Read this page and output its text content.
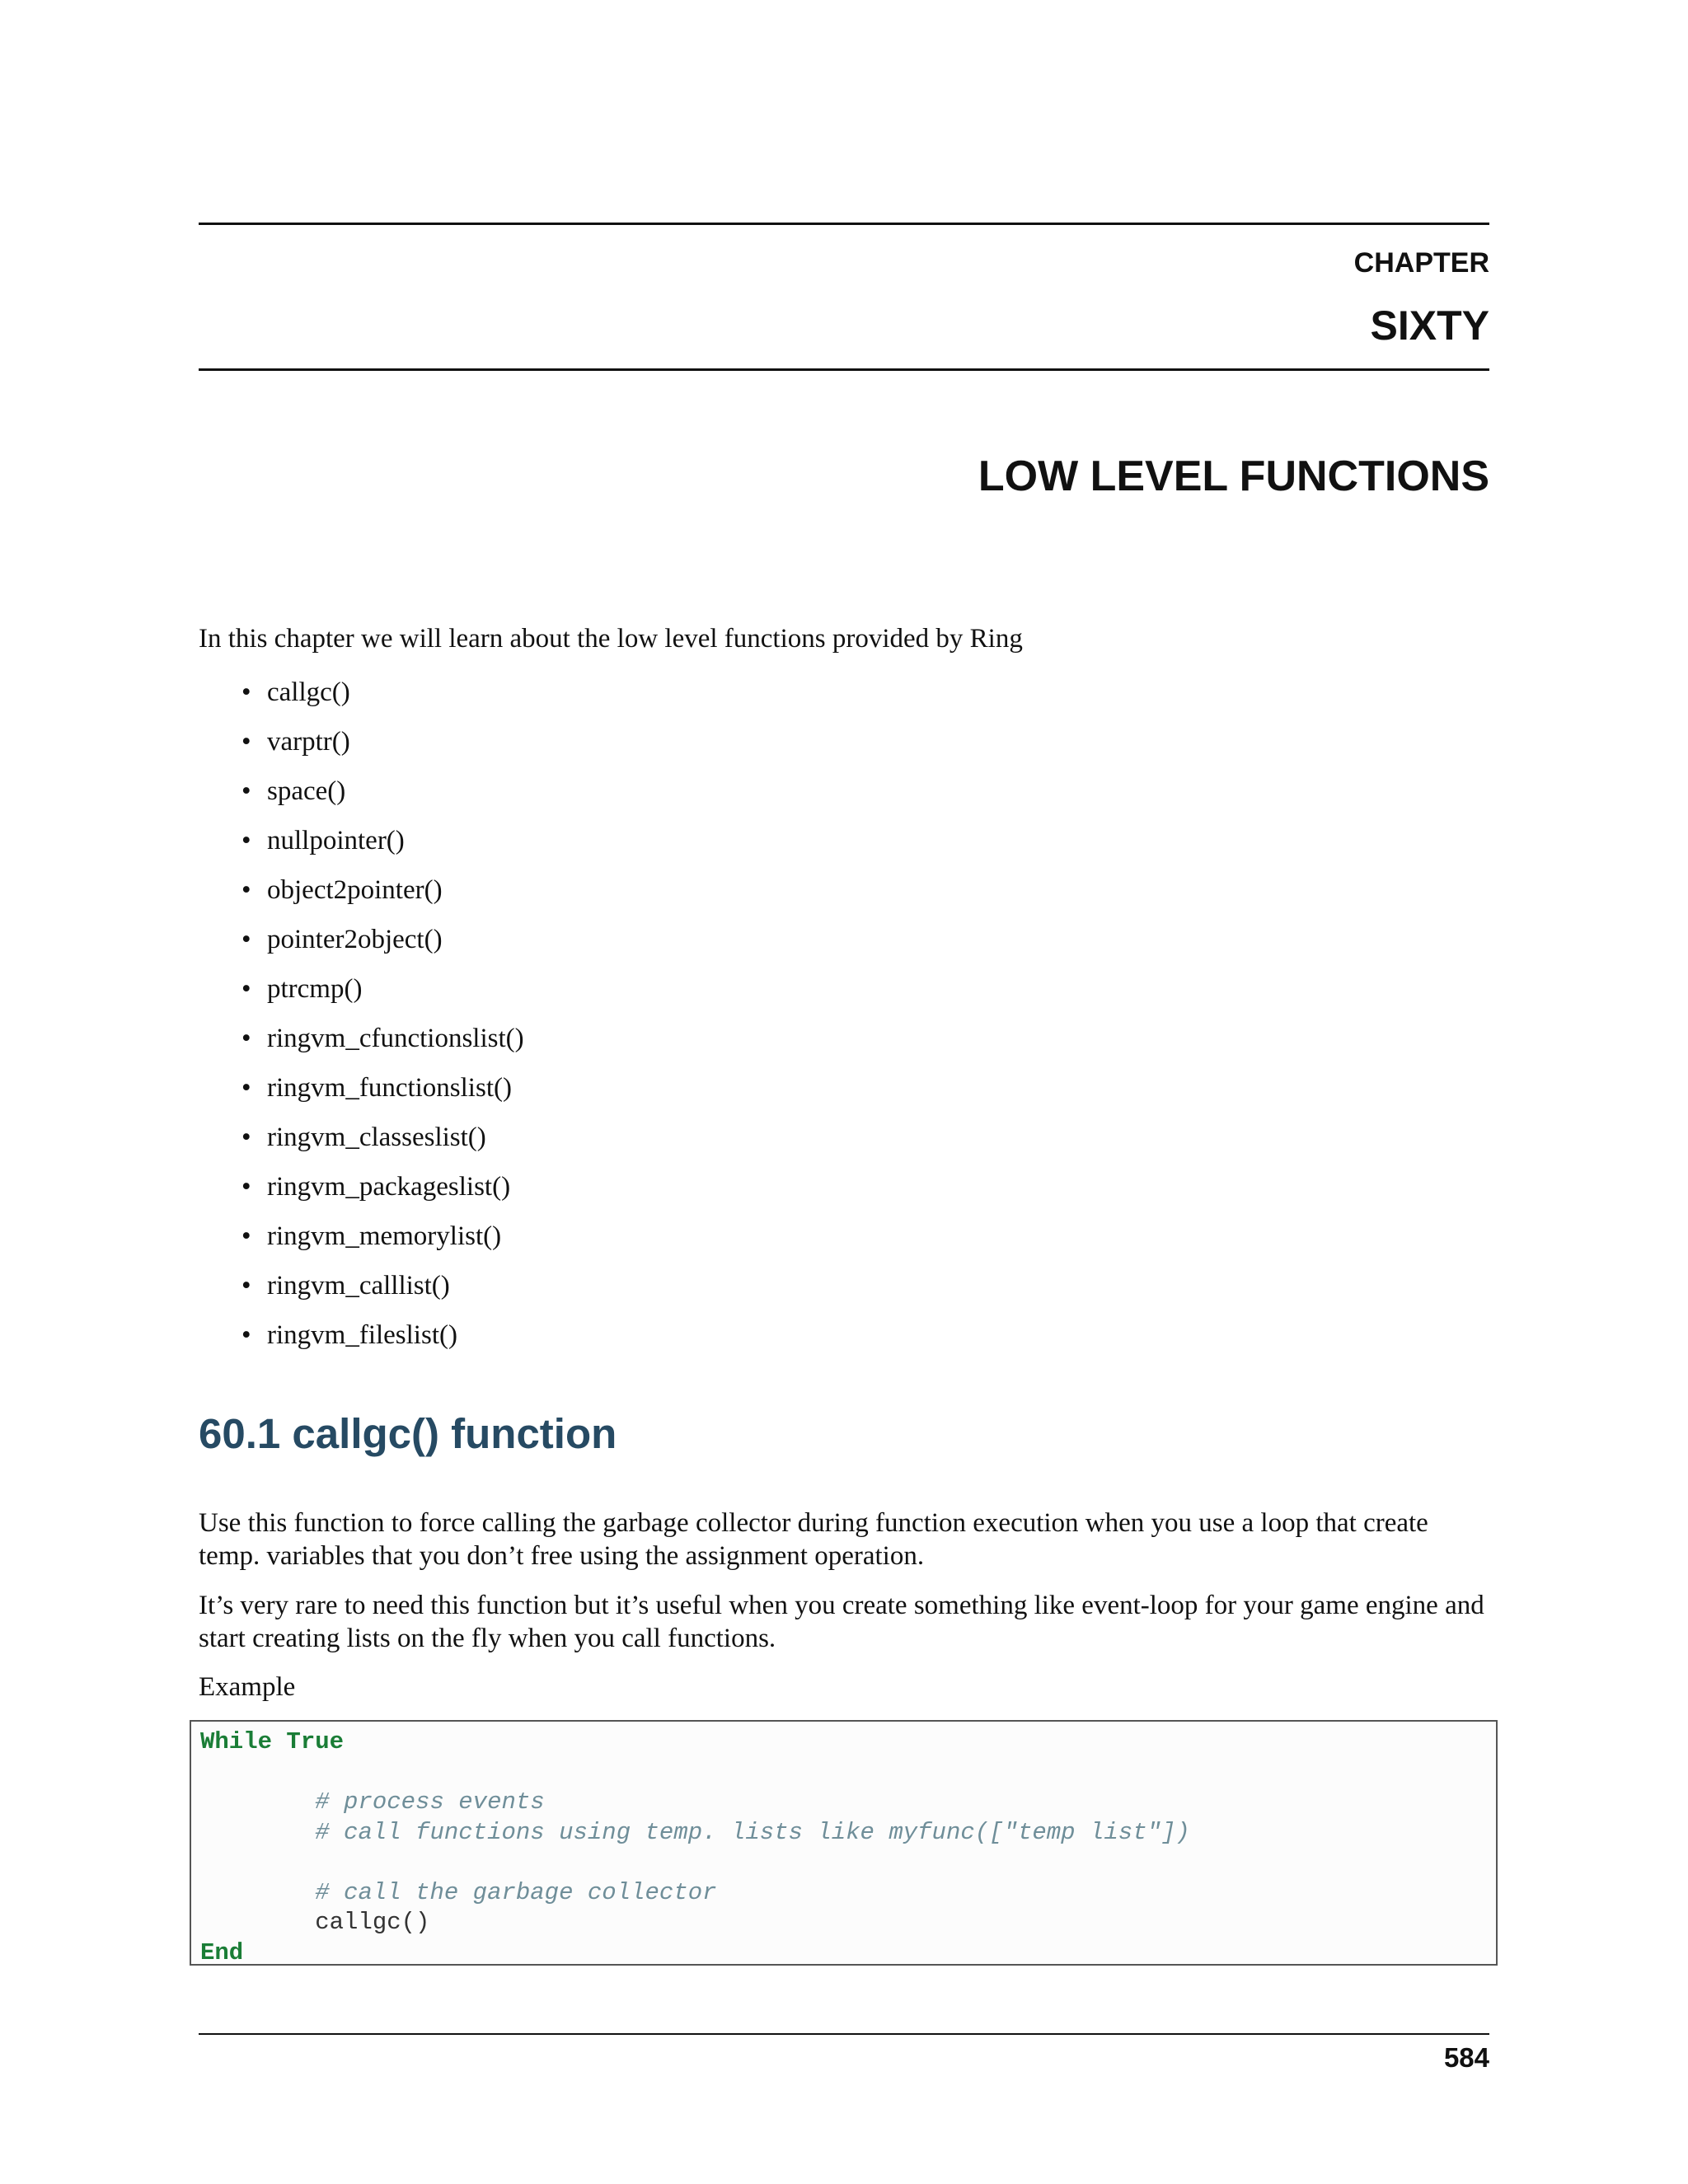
CHAPTER
SIXTY
LOW LEVEL FUNCTIONS

In this chapter we will learn about the low level functions provided by Ring

• callgc()
• varptr()
• space()
• nullpointer()
• object2pointer()
• pointer2object()
• ptrcmp()
• ringvm_cfunctionslist()
• ringvm_functionslist()
• ringvm_classeslist()
• ringvm_packageslist()
• ringvm_memorylist()
• ringvm_calllist()
• ringvm_fileslist()
60.1 callgc() function

Use this function to force calling the garbage collector during function execution when you use a loop that create temp. variables that you don’t free using the assignment operation.

It’s very rare to need this function but it’s useful when you create something like event-loop for your game engine and start creating lists on the fly when you call functions.

Example

While True

# process events
# call functions using temp. lists like myfunc(["temp list"])

# call the garbage collector
callgc()
End
584
